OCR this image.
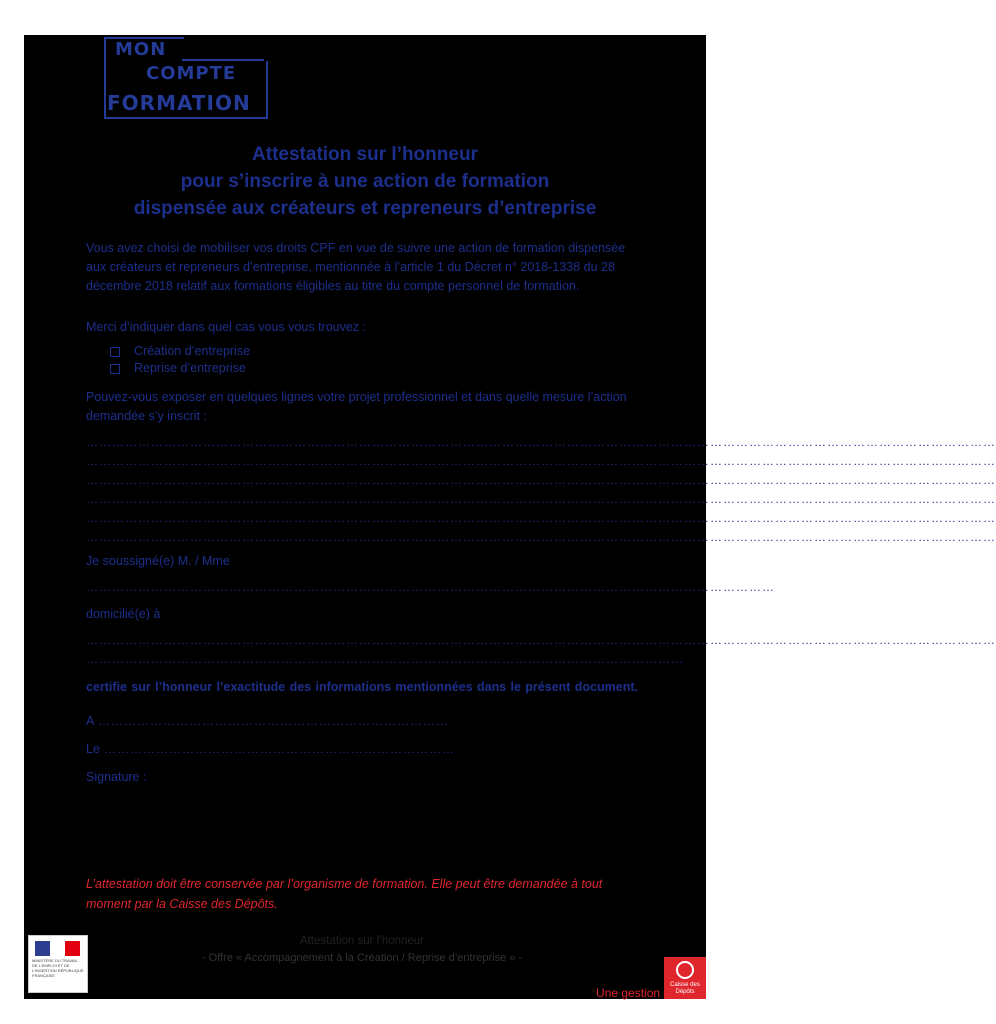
MON
COMPTE
FORMATION
Attestation sur l’honneur
pour s’inscrire à une action de formation
dispensée aux créateurs et repreneurs d’entreprise
Vous avez choisi de mobiliser vos droits CPF en vue de suivre une action de formation dispensée aux créateurs et repreneurs d’entreprise, mentionnée à l’article 1 du Décret n° 2018-1338 du 28 décembre 2018 relatif aux formations éligibles au titre du compte personnel de formation.
Merci d’indiquer dans quel cas vous vous trouvez :
Création d’entreprise
Reprise d’entreprise
Pouvez-vous exposer en quelques lignes votre projet professionnel et dans quelle mesure l’action demandée s’y inscrit :
…………………………………………………………………………………………………………………………………………………………………………………………
…………………………………………………………………………………………………………………………………………………………………………………………
…………………………………………………………………………………………………………………………………………………………………………………………
…………………………………………………………………………………………………………………………………………………………………………………………
…………………………………………………………………………………………………………………………………………………………………………………………
…………………………………………………………………………………………………………………………………………………………………………………………
Je soussigné(e) M. / Mme
……………………………………………………………………………………………………………………………………………
domicilié(e) à
…………………………………………………………………………………………………………………………………………………………………………………………
…………………………………………………………………………………………………………………………
certifie sur l’honneur l’exactitude des informations mentionnées dans le présent document.
A ………………………………………………………………………
Le ………………………………………………………………………
Signature :
L’attestation doit être conservée par l’organisme de formation. Elle peut être demandée à tout moment par la Caisse des Dépôts.
MINISTÈRE DU TRAVAIL, DE L'EMPLOI ET DE L'INSERTION RÉPUBLIQUE FRANÇAISE
Attestation sur l’honneur
- Offre « Accompagnement à la Création / Reprise d’entreprise » -
Une gestion
Caisse des Dépôts
